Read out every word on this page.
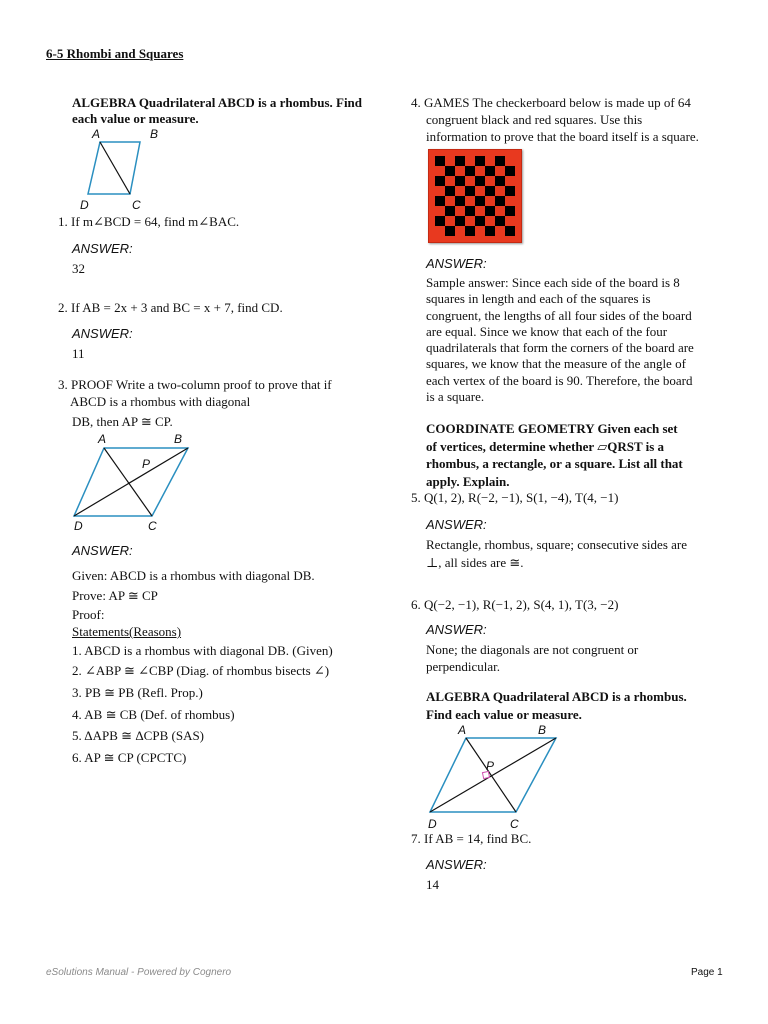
6-5 Rhombi and Squares
ALGEBRA Quadrilateral ABCD is a rhombus. Find each value or measure.
A	B
D	C
1. If m∠BCD = 64, find m∠BAC.
ANSWER:
32
2. If AB = 2x + 3 and BC = x + 7, find CD.
ANSWER:
11
3. PROOF Write a two-column proof to prove that if
ABCD is a rhombus with diagonal
DB, then AP ≅ CP.
A	B
P
D	C
ANSWER:
Given: ABCD is a rhombus with diagonal DB.
Prove: AP ≅ CP
Proof:
Statements(Reasons)
1. ABCD is a rhombus with diagonal DB. (Given)
2. ∠ABP ≅ ∠CBP (Diag. of rhombus bisects ∠)
3. PB ≅ PB (Refl. Prop.)
4. AB ≅ CB (Def. of rhombus)
5. ΔAPB ≅ ΔCPB (SAS)
6. AP ≅ CP (CPCTC)
4. GAMES The checkerboard below is made up of 64
congruent black and red squares. Use this
information to prove that the board itself is a square.
ANSWER:
Sample answer: Since each side of the board is 8
squares in length and each of the squares is
congruent, the lengths of all four sides of the board
are equal. Since we know that each of the four
quadrilaterals that form the corners of the board are
squares, we know that the measure of the angle of
each vertex of the board is 90. Therefore, the board
is a square.
COORDINATE GEOMETRY Given each set
of vertices, determine whether ▱QRST is a
rhombus, a rectangle, or a square. List all that
apply. Explain.
5. Q(1, 2), R(−2, −1), S(1, −4), T(4, −1)
ANSWER:
Rectangle, rhombus, square; consecutive sides are
⊥, all sides are ≅.
6. Q(−2, −1), R(−1, 2), S(4, 1), T(3, −2)
ANSWER:
None; the diagonals are not congruent or
perpendicular.
ALGEBRA Quadrilateral ABCD is a rhombus.
Find each value or measure.
A	B
P
D	C
7. If AB = 14, find BC.
ANSWER:
14
eSolutions Manual - Powered by Cognero	Page 1
